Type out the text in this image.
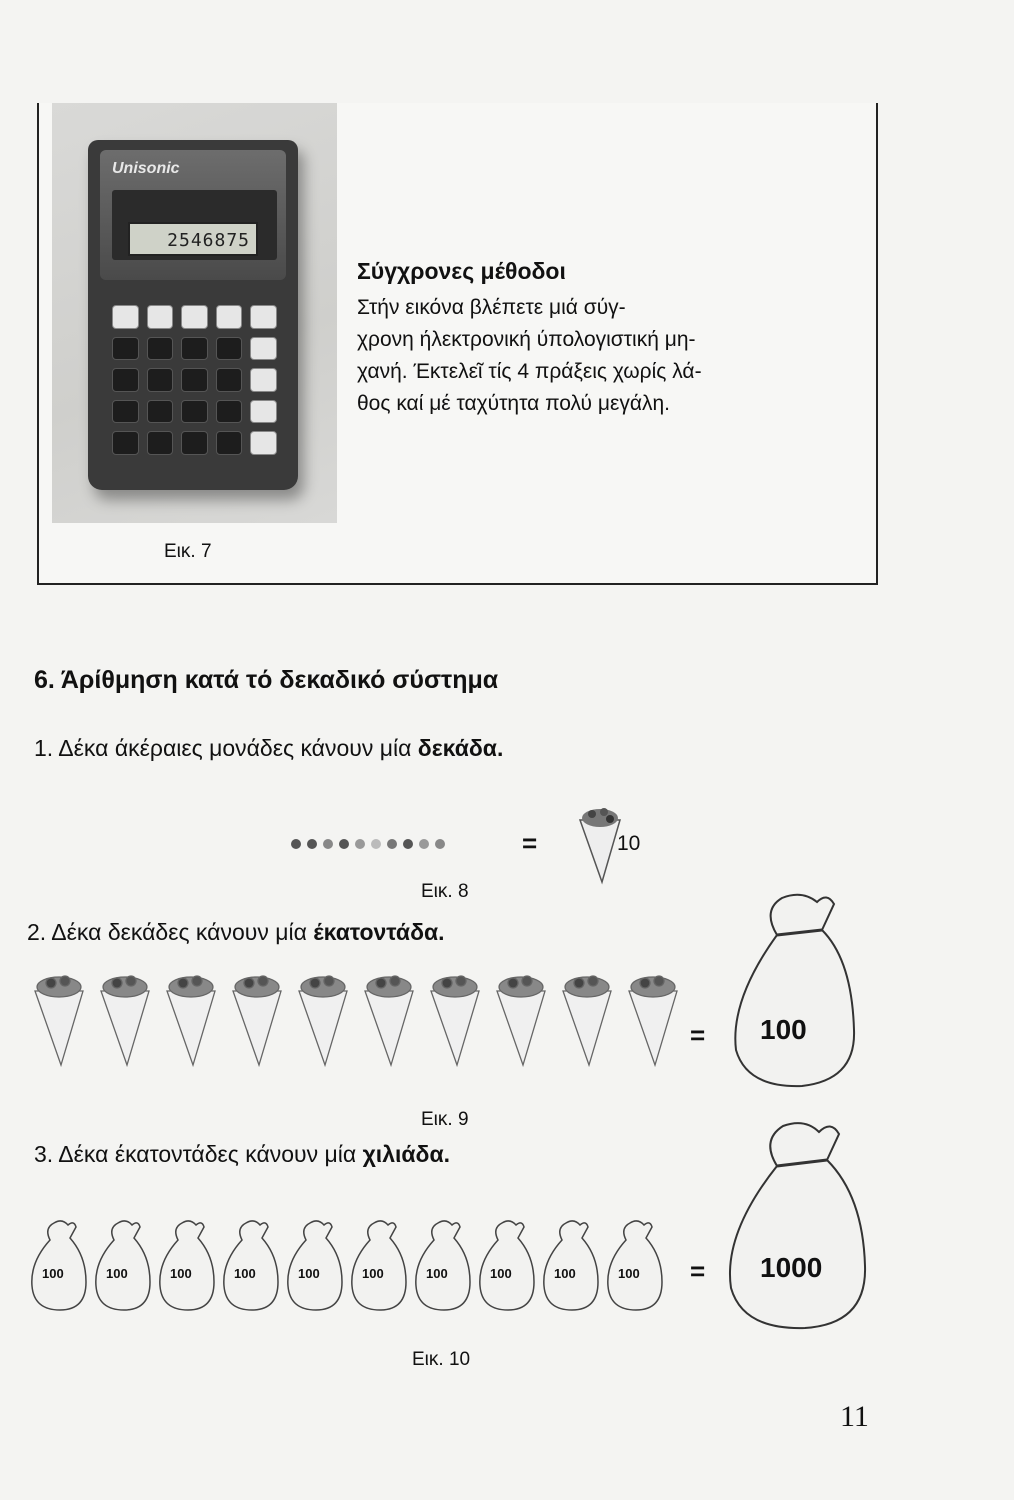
Unisonic
2546875
Σύγχρονες μέθοδοι
Στήν εικόνα βλέπετε μιά σύγ-
χρονη ήλεκτρονική ύπολογιστική μη-
χανή. Έκτελεῖ τίς 4 πράξεις χωρίς λά-
θος καί μέ ταχύτητα πολύ μεγάλη.
Εικ. 7
6. Άρίθμηση κατά τό δεκαδικό σύστημα
1. Δέκα άκέραιες μονάδες κάνουν μία δεκάδα.
=	10
Εικ. 8
2. Δέκα δεκάδες κάνουν μία έκατοντάδα.
= 100
Εικ. 9
3. Δέκα έκατοντάδες κάνουν μία χιλιάδα.
100	100	100	100	100	100	100	100	100	100 = 1000
Εικ. 10
11
